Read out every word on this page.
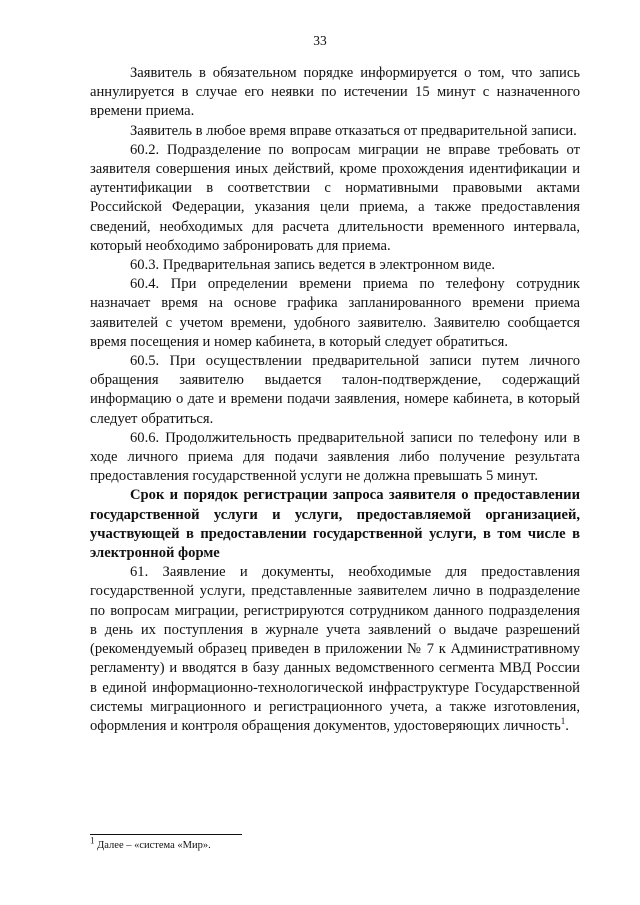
33

Заявитель в обязательном порядке информируется о том, что запись аннулируется в случае его неявки по истечении 15 минут с назначенного времени приема.

Заявитель в любое время вправе отказаться от предварительной записи.

60.2. Подразделение по вопросам миграции не вправе требовать от заявителя совершения иных действий, кроме прохождения идентификации и аутентификации в соответствии с нормативными правовыми актами Российской Федерации, указания цели приема, а также предоставления сведений, необходимых для расчета длительности временного интервала, который необходимо забронировать для приема.

60.3. Предварительная запись ведется в электронном виде.

60.4. При определении времени приема по телефону сотрудник назначает время на основе графика запланированного времени приема заявителей с учетом времени, удобного заявителю. Заявителю сообщается время посещения и номер кабинета, в который следует обратиться.

60.5. При осуществлении предварительной записи путем личного обращения заявителю выдается талон-подтверждение, содержащий информацию о дате и времени подачи заявления, номере кабинета, в который следует обратиться.

60.6. Продолжительность предварительной записи по телефону или в ходе личного приема для подачи заявления либо получение результата предоставления государственной услуги не должна превышать 5 минут.

Срок и порядок регистрации запроса заявителя о предоставлении государственной услуги и услуги, предоставляемой организацией, участвующей в предоставлении государственной услуги, в том числе в электронной форме

61. Заявление и документы, необходимые для предоставления государственной услуги, представленные заявителем лично в подразделение по вопросам миграции, регистрируются сотрудником данного подразделения в день их поступления в журнале учета заявлений о выдаче разрешений (рекомендуемый образец приведен в приложении № 7 к Административному регламенту) и вводятся в базу данных ведомственного сегмента МВД России в единой информационно-технологической инфраструктуре Государственной системы миграционного и регистрационного учета, а также изготовления, оформления и контроля обращения документов, удостоверяющих личность$^1$.

$^1$ Далее – «система «Мир».
